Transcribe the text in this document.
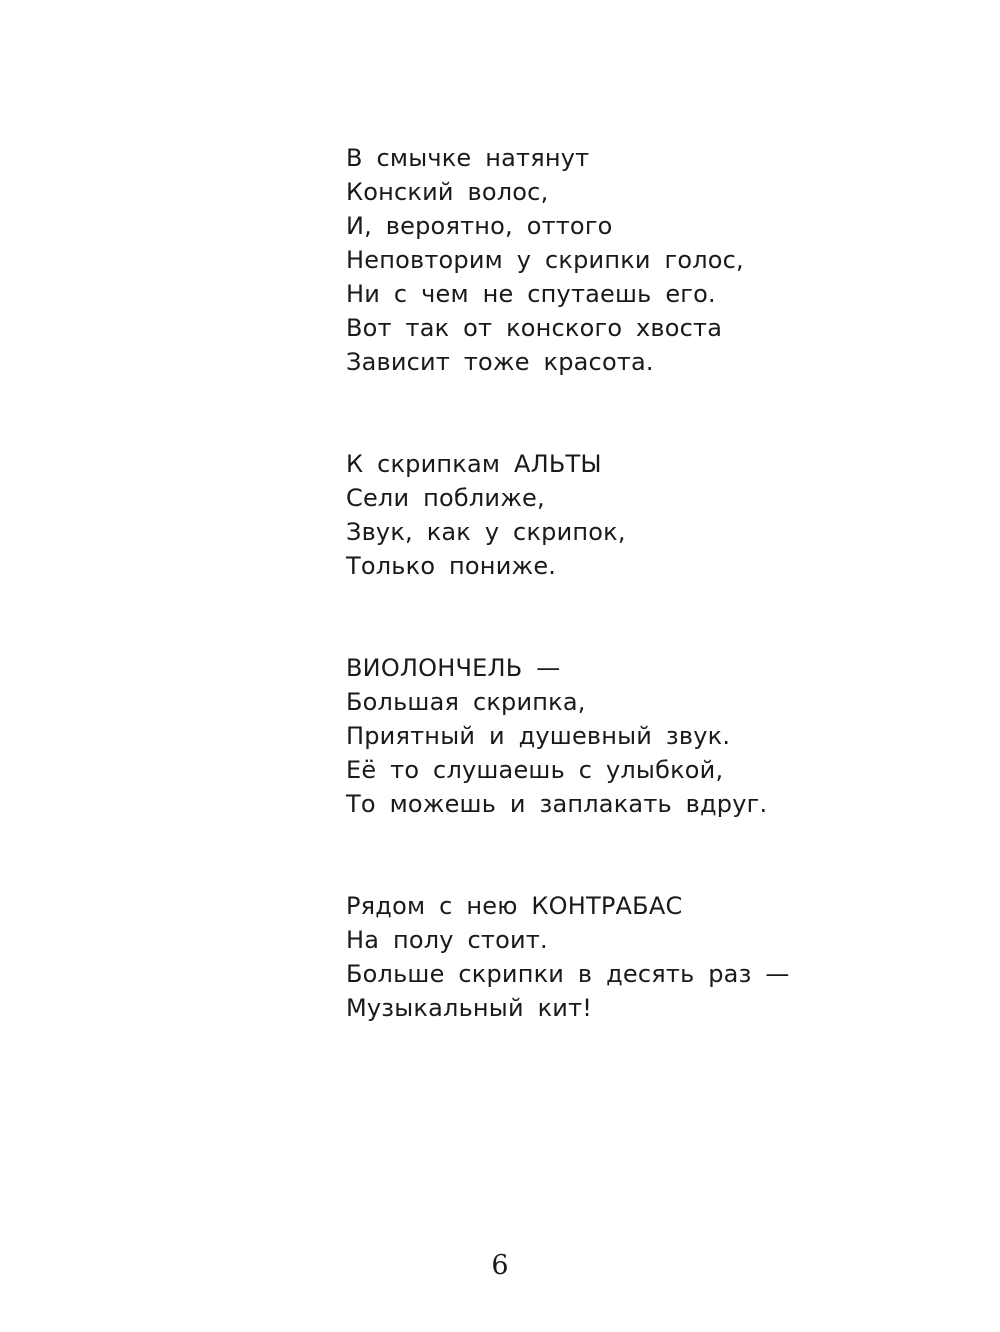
В смычке натянут
Конский волос,
И, вероятно, оттого
Неповторим у скрипки голос,
Ни с чем не спутаешь его.
Вот так от конского хвоста
Зависит тоже красота.
К скрипкам АЛЬТЫ
Сели поближе,
Звук, как у скрипок,
Только пониже.
ВИОЛОНЧЕЛЬ —
Большая скрипка,
Приятный и душевный звук.
Её то слушаешь с улыбкой,
То можешь и заплакать вдруг.
Рядом с нею КОНТРАБАС
На полу стоит.
Больше скрипки в десять раз —
Музыкальный кит!
6
